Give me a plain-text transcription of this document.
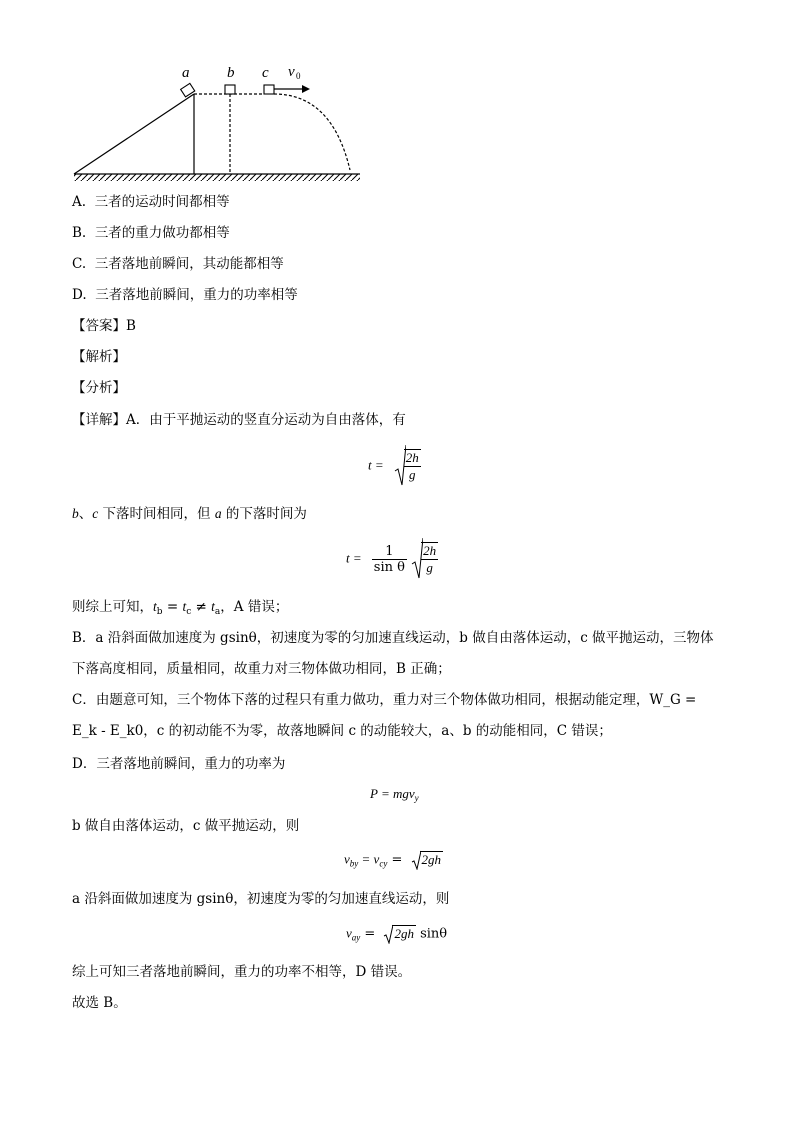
a	b c v 0
A. 三者的运动时间都相等
B. 三者的重力做功都相等
C. 三者落地前瞬间，其动能都相等
D. 三者落地前瞬间，重力的功率相等
【答案】B
【解析】
【分析】
【详解】A．由于平抛运动的竖直分运动为自由落体，有
$t = \frac{2h}{g}$
b、c 下落时间相同，但 a 的下落时间为
$t = \frac{1}{\text{sin θ}}$
$\frac{2h}{g}$
则综上可知，$t_b = t_c \ne t_a$，A 错误；
B．a 沿斜面做加速度为 gsinθ，初速度为零的匀加速直线运动，b 做自由落体运动，c 做平抛运动，三物体下落高度相同，质量相同，故重力对三物体做功相同，B 正确；
C．由题意可知，三个物体下落的过程只有重力做功，重力对三个物体做功相同，根据动能定理，W_G = E_k - E_k0，c 的初动能不为零，故落地瞬间 c 的动能较大，a、b 的动能相同，C 错误；
D．三者落地前瞬间，重力的功率为
P = mgv$_y$
b 做自由落体运动，c 做平抛运动，则
$v_{by} = v_{cy} = 2gh$
a 沿斜面做加速度为 gsinθ，初速度为零的匀加速直线运动，则
$v_{ay} = 2gh$ sinθ
综上可知三者落地前瞬间，重力的功率不相等，D 错误。
故选 B。
